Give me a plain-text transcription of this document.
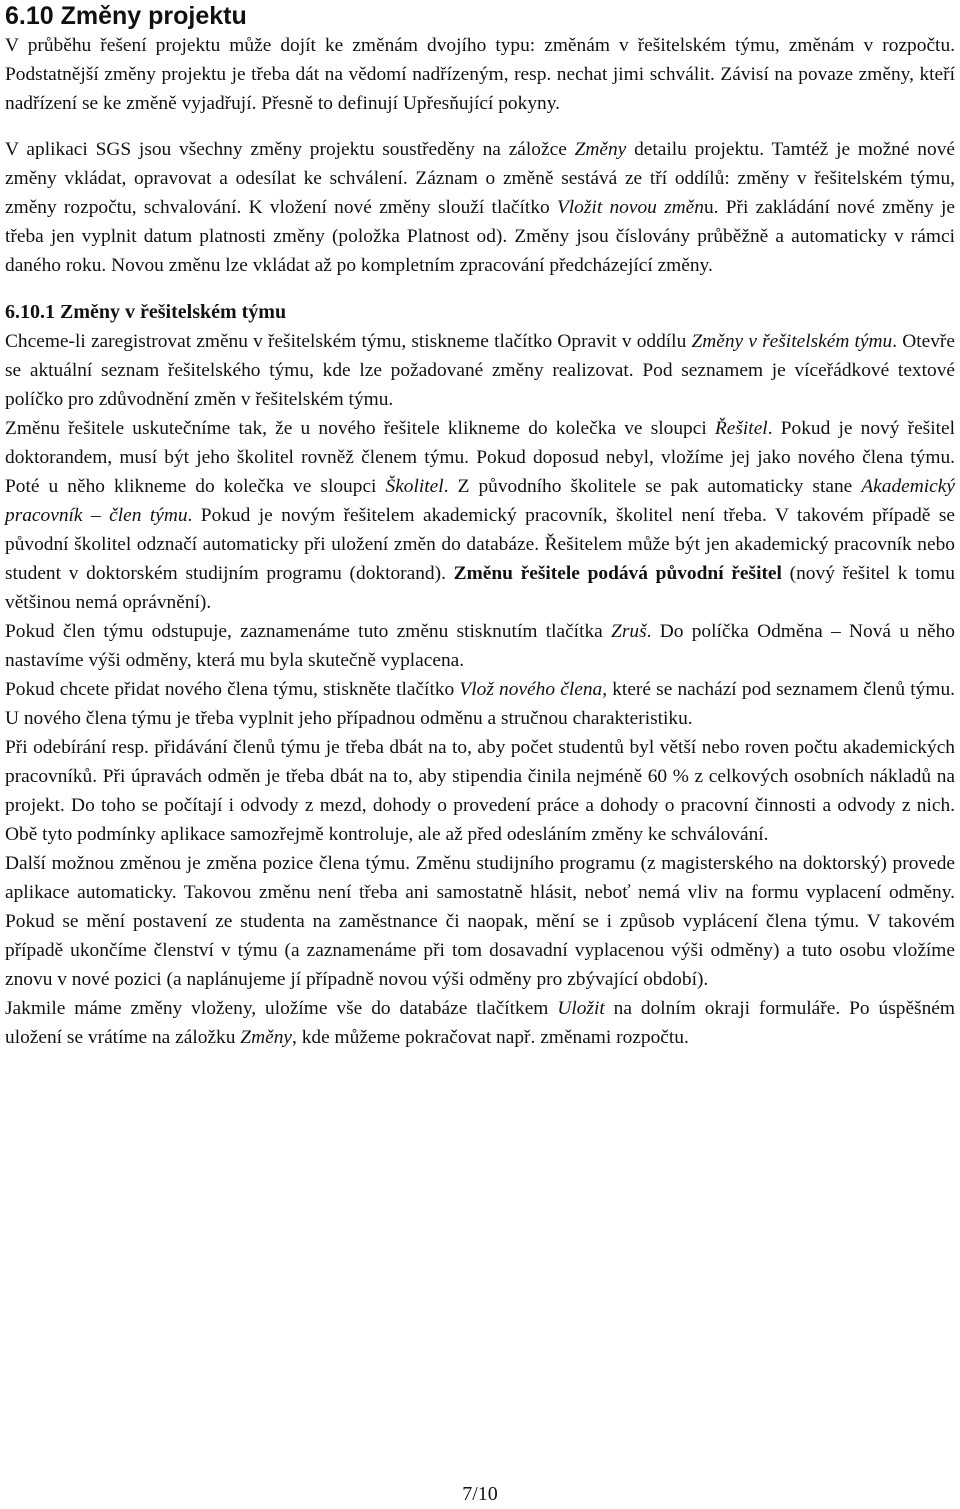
6.10 Změny projektu

V průběhu řešení projektu může dojít ke změnám dvojího typu: změnám v řešitelském týmu, změnám v rozpočtu. Podstatnější změny projektu je třeba dát na vědomí nadřízeným, resp. nechat jimi schválit. Závisí na povaze změny, kteří nadřízení se ke změně vyjadřují. Přesně to definují Upřesňující pokyny.

V aplikaci SGS jsou všechny změny projektu soustředěny na záložce Změny detailu projektu. Tamtéž je možné nové změny vkládat, opravovat a odesílat ke schválení. Záznam o změně sestává ze tří oddílů: změny v řešitelském týmu, změny rozpočtu, schvalování. K vložení nové změny slouží tlačítko Vložit novou změnu. Při zakládání nové změny je třeba jen vyplnit datum platnosti změny (položka Platnost od). Změny jsou číslovány průběžně a automaticky v rámci daného roku. Novou změnu lze vkládat až po kompletním zpracování předcházející změny.

6.10.1 Změny v řešitelském týmu

Chceme-li zaregistrovat změnu v řešitelském týmu, stiskneme tlačítko Opravit v oddílu Změny v řešitelském týmu. Otevře se aktuální seznam řešitelského týmu, kde lze požadované změny realizovat. Pod seznamem je víceřádkové textové políčko pro zdůvodnění změn v řešitelském týmu.

Změnu řešitele uskutečníme tak, že u nového řešitele klikneme do kolečka ve sloupci Řešitel. Pokud je nový řešitel doktorandem, musí být jeho školitel rovněž členem týmu. Pokud doposud nebyl, vložíme jej jako nového člena týmu. Poté u něho klikneme do kolečka ve sloupci Školitel. Z původního školitele se pak automaticky stane Akademický pracovník – člen týmu. Pokud je novým řešitelem akademický pracovník, školitel není třeba. V takovém případě se původní školitel odznačí automaticky při uložení změn do databáze. Řešitelem může být jen akademický pracovník nebo student v doktorském studijním programu (doktorand). Změnu řešitele podává původní řešitel (nový řešitel k tomu většinou nemá oprávnění).

Pokud člen týmu odstupuje, zaznamenáme tuto změnu stisknutím tlačítka Zruš. Do políčka Odměna – Nová u něho nastavíme výši odměny, která mu byla skutečně vyplacena.

Pokud chcete přidat nového člena týmu, stiskněte tlačítko Vlož nového člena, které se nachází pod seznamem členů týmu. U nového člena týmu je třeba vyplnit jeho případnou odměnu a stručnou charakteristiku.

Při odebírání resp. přidávání členů týmu je třeba dbát na to, aby počet studentů byl větší nebo roven počtu akademických pracovníků. Při úpravách odměn je třeba dbát na to, aby stipendia činila nejméně 60 % z celkových osobních nákladů na projekt. Do toho se počítají i odvody z mezd, dohody o provedení práce a dohody o pracovní činnosti a odvody z nich. Obě tyto podmínky aplikace samozřejmě kontroluje, ale až před odesláním změny ke schválování.

Další možnou změnou je změna pozice člena týmu. Změnu studijního programu (z magisterského na doktorský) provede aplikace automaticky. Takovou změnu není třeba ani samostatně hlásit, neboť nemá vliv na formu vyplacení odměny. Pokud se mění postavení ze studenta na zaměstnance či naopak, mění se i způsob vyplácení člena týmu. V takovém případě ukončíme členství v týmu (a zaznamenáme při tom dosavadní vyplacenou výši odměny) a tuto osobu vložíme znovu v nové pozici (a naplánujeme jí případně novou výši odměny pro zbývající období).

Jakmile máme změny vloženy, uložíme vše do databáze tlačítkem Uložit na dolním okraji formuláře. Po úspěšném uložení se vrátíme na záložku Změny, kde můžeme pokračovat např. změnami rozpočtu.

7/10
